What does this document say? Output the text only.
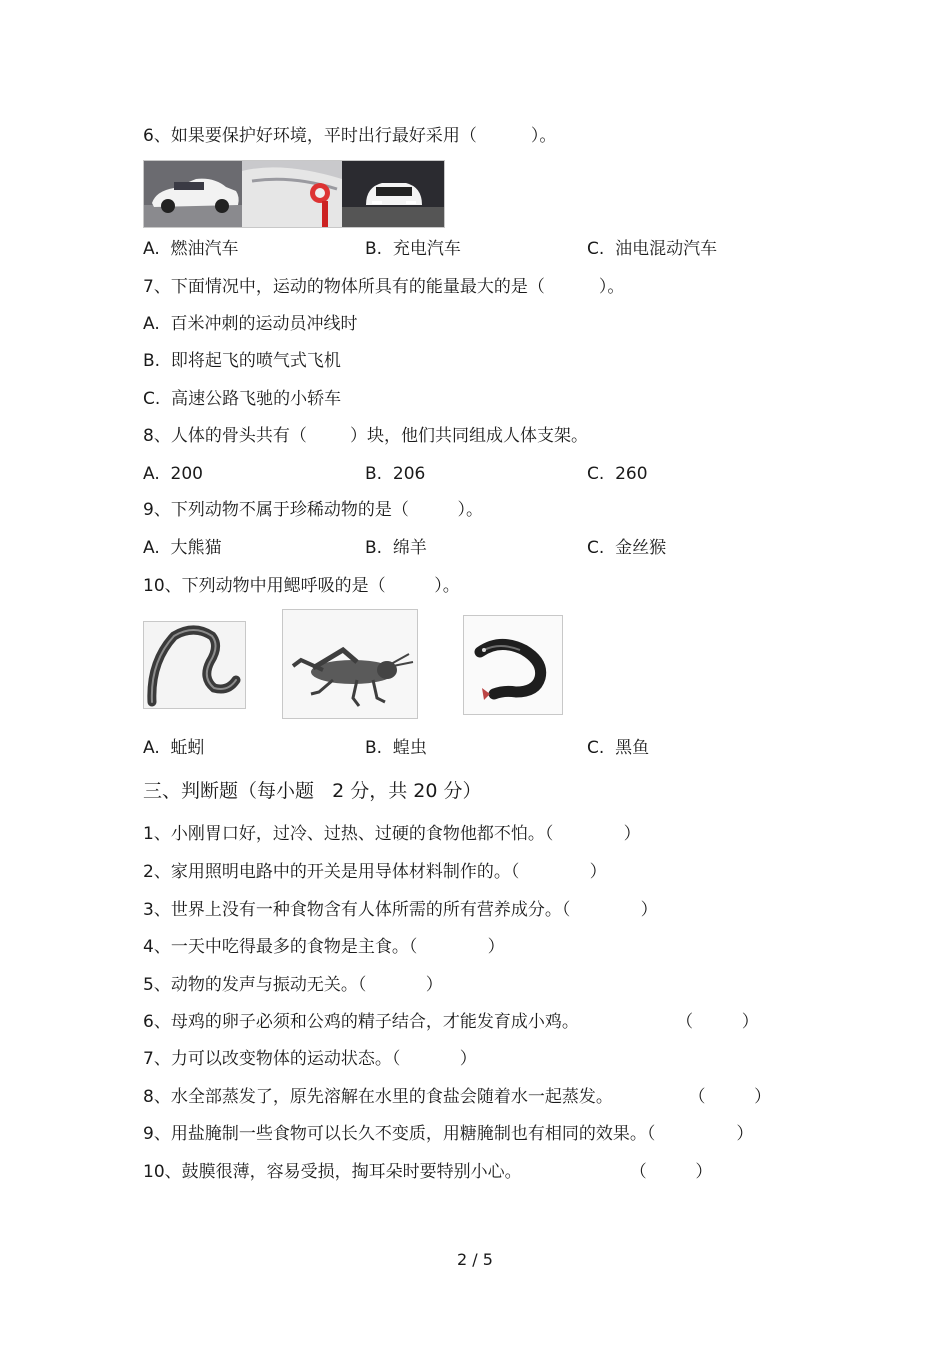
6、如果要保护好环境，平时出行最好采用（          ）。
A.  燃油汽车	B.  充电汽车	C.  油电混动汽车
7、下面情况中，运动的物体所具有的能量最大的是（          ）。
A.  百米冲刺的运动员冲线时
B.  即将起飞的喷气式飞机
C.  高速公路飞驰的小轿车
8、人体的骨头共有（        ）块，他们共同组成人体支架。
A.  200	B.  206	C.  260
9、下列动物不属于珍稀动物的是（         ）。
A.  大熊猫	B.  绵羊	C.  金丝猴
10、下列动物中用鳃呼吸的是（         ）。
A.  蚯蚓	B.  蝗虫	C.  黑鱼
三、判断题（每小题   2 分，共 20 分）
1、小刚胃口好，过冷、过热、过硬的食物他都不怕。（             ）
2、家用照明电路中的开关是用导体材料制作的。（             ）
3、世界上没有一种食物含有人体所需的所有营养成分。（             ）
4、一天中吃得最多的食物是主食。（             ）
5、动物的发声与振动无关。（           ）
6、母鸡的卵子必须和公鸡的精子结合，才能发育成小鸡。                  （         ）
7、力可以改变物体的运动状态。（           ）
8、水全部蒸发了，原先溶解在水里的食盐会随着水一起蒸发。              （         ）
9、用盐腌制一些食物可以长久不变质，用糖腌制也有相同的效果。（               ）
10、鼓膜很薄，容易受损，掏耳朵时要特别小心。                    （         ）
2 / 5
